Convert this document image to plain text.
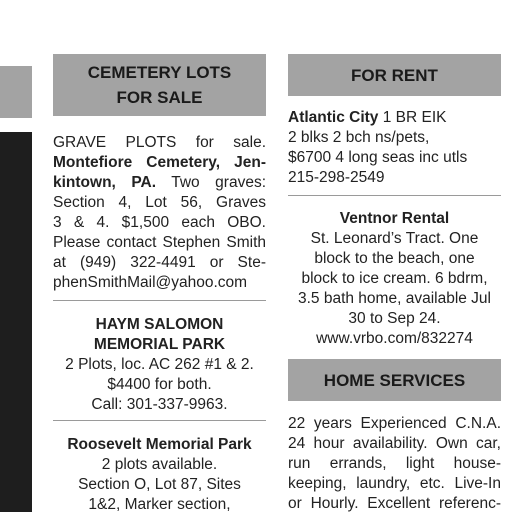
CEMETERY LOTS
FOR SALE
GRAVE PLOTS for sale.
Montefiore Cemetery, Jen-
kintown, PA. Two graves:
Section 4, Lot 56, Graves
3 & 4. $1,500 each OBO.
Please contact Stephen Smith
at (949) 322-4491 or Ste-
phenSmithMail@yahoo.com
HAYM SALOMON
MEMORIAL PARK
2 Plots, loc. AC 262 #1 & 2.
$4400 for both.
Call: 301-337-9963.
Roosevelt Memorial Park
2 plots available.
Section O, Lot 87, Sites
1&2, Marker section,
FOR RENT
Atlantic City 1 BR EIK
2 blks 2 bch ns/pets,
$6700 4 long seas inc utls
215-298-2549
Ventnor Rental
St. Leonard’s Tract. One
block to the beach, one
block to ice cream. 6 bdrm,
3.5 bath home, available Jul
30 to Sep 24.
www.vrbo.com/832274
HOME SERVICES
22 years Experienced C.N.A.
24 hour availability. Own car,
run errands, light house-
keeping, laundry, etc. Live-In
or Hourly. Excellent referenc-
